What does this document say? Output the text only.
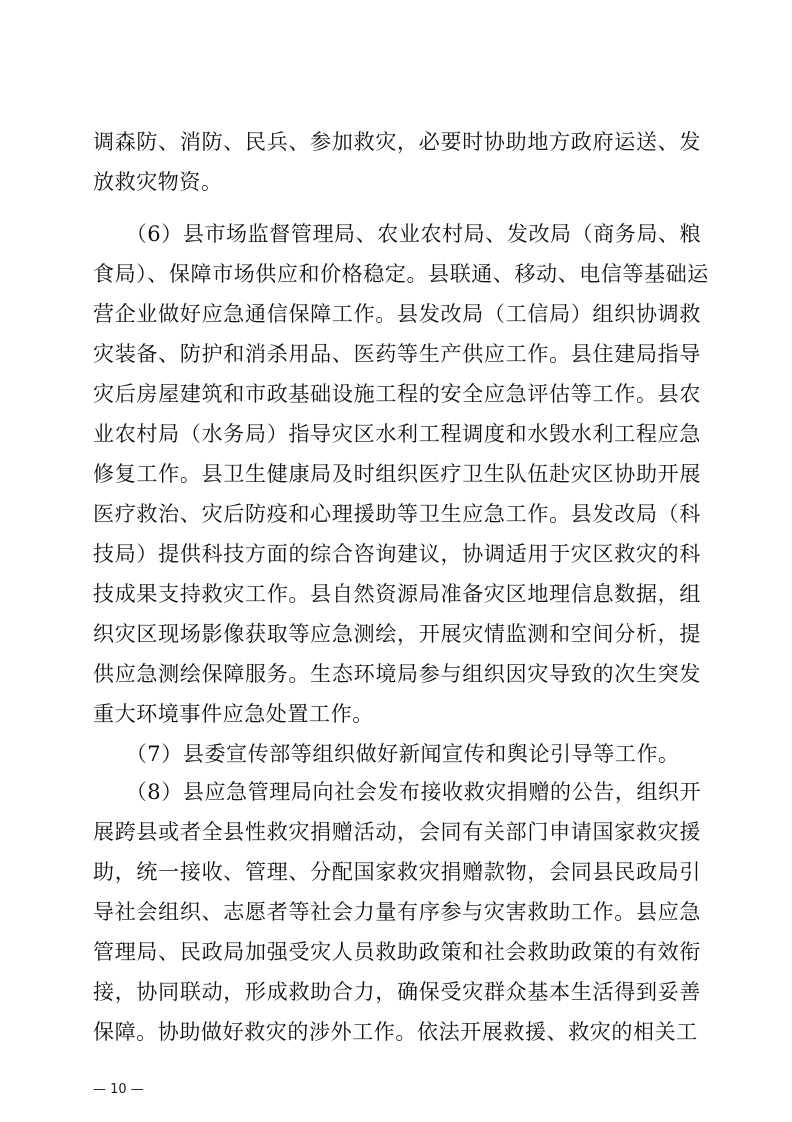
调森防、消防、民兵、参加救灾，必要时协助地方政府运送、发
放救灾物资。
　　（6）县市场监督管理局、农业农村局、发改局（商务局、粮
食局）、保障市场供应和价格稳定。县联通、移动、电信等基础运
营企业做好应急通信保障工作。县发改局（工信局）组织协调救
灾装备、防护和消杀用品、医药等生产供应工作。县住建局指导
灾后房屋建筑和市政基础设施工程的安全应急评估等工作。县农
业农村局（水务局）指导灾区水利工程调度和水毁水利工程应急
修复工作。县卫生健康局及时组织医疗卫生队伍赴灾区协助开展
医疗救治、灾后防疫和心理援助等卫生应急工作。县发改局（科
技局）提供科技方面的综合咨询建议，协调适用于灾区救灾的科
技成果支持救灾工作。县自然资源局准备灾区地理信息数据，组
织灾区现场影像获取等应急测绘，开展灾情监测和空间分析，提
供应急测绘保障服务。生态环境局参与组织因灾导致的次生突发
重大环境事件应急处置工作。
　　（7）县委宣传部等组织做好新闻宣传和舆论引导等工作。
　　（8）县应急管理局向社会发布接收救灾捐赠的公告，组织开
展跨县或者全县性救灾捐赠活动，会同有关部门申请国家救灾援
助，统一接收、管理、分配国家救灾捐赠款物，会同县民政局引
导社会组织、志愿者等社会力量有序参与灾害救助工作。县应急
管理局、民政局加强受灾人员救助政策和社会救助政策的有效衔
接，协同联动，形成救助合力，确保受灾群众基本生活得到妥善
保障。协助做好救灾的涉外工作。依法开展救援、救灾的相关工
— 10 —
